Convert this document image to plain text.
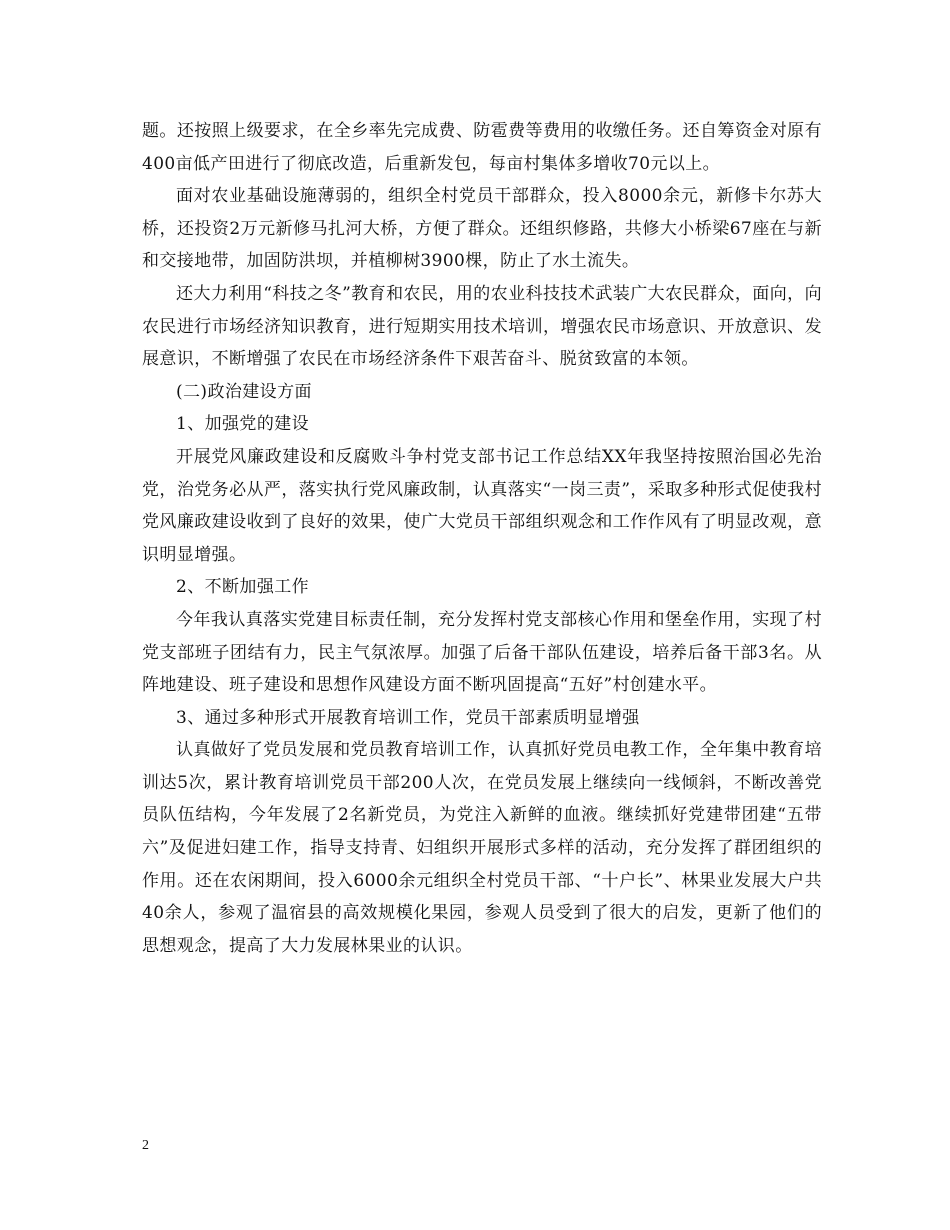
题。还按照上级要求，在全乡率先完成费、防雹费等费用的收缴任务。还自筹资金对原有400亩低产田进行了彻底改造，后重新发包，每亩村集体多增收70元以上。

面对农业基础设施薄弱的，组织全村党员干部群众，投入8000余元，新修卡尔苏大桥，还投资2万元新修马扎河大桥，方便了群众。还组织修路，共修大小桥梁67座在与新和交接地带，加固防洪坝，并植柳树3900棵，防止了水土流失。

还大力利用“科技之冬”教育和农民，用的农业科技技术武装广大农民群众，面向，向农民进行市场经济知识教育，进行短期实用技术培训，增强农民市场意识、开放意识、发展意识，不断增强了农民在市场经济条件下艰苦奋斗、脱贫致富的本领。

(二)政治建设方面

1、加强党的建设

开展党风廉政建设和反腐败斗争村党支部书记工作总结XX年我坚持按照治国必先治党，治党务必从严，落实执行党风廉政制，认真落实“一岗三责”，采取多种形式促使我村党风廉政建设收到了良好的效果，使广大党员干部组织观念和工作作风有了明显改观，意识明显增强。

2、不断加强工作

今年我认真落实党建目标责任制，充分发挥村党支部核心作用和堡垒作用，实现了村党支部班子团结有力，民主气氛浓厚。加强了后备干部队伍建设，培养后备干部3名。从阵地建设、班子建设和思想作风建设方面不断巩固提高“五好”村创建水平。

3、通过多种形式开展教育培训工作，党员干部素质明显增强

认真做好了党员发展和党员教育培训工作，认真抓好党员电教工作，全年集中教育培训达5次，累计教育培训党员干部200人次，在党员发展上继续向一线倾斜，不断改善党员队伍结构，今年发展了2名新党员，为党注入新鲜的血液。继续抓好党建带团建“五带六”及促进妇建工作，指导支持青、妇组织开展形式多样的活动，充分发挥了群团组织的作用。还在农闲期间，投入6000余元组织全村党员干部、“十户长”、林果业发展大户共40余人，参观了温宿县的高效规模化果园，参观人员受到了很大的启发，更新了他们的思想观念，提高了大力发展林果业的认识。

2
